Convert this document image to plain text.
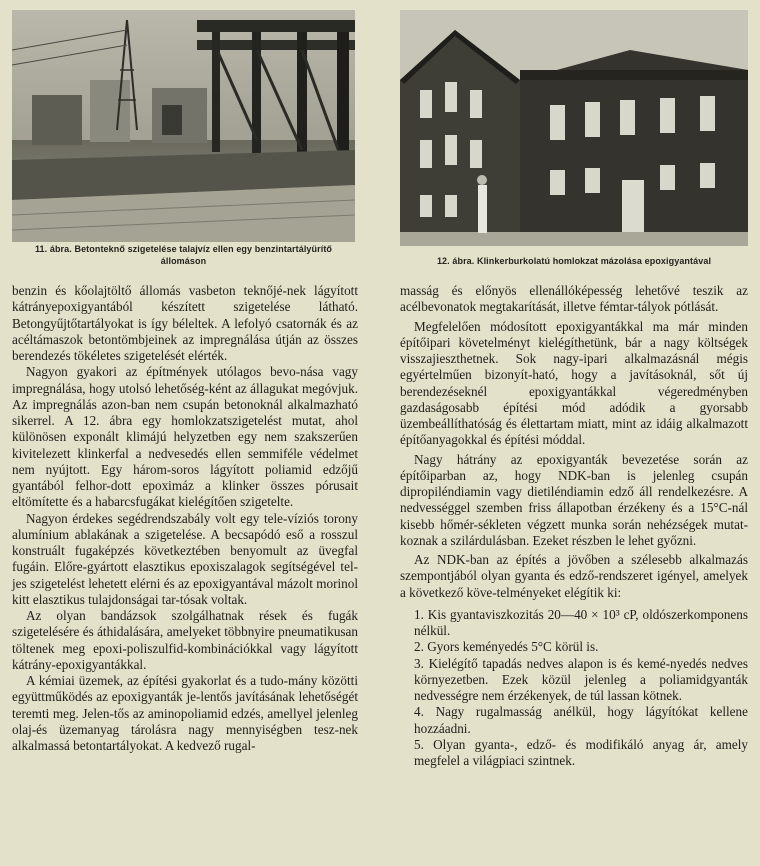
11. ábra. Betonteknő szigetelése talajvíz ellen egy benzintartályürítő állomáson	12. ábra. Klinkerburkolatú homlokzat mázolása epoxigyantával

benzin és kőolajtöltő állomás vasbeton teknőjé-nek lágyított kátrányepoxigyantából készített szigetelése látható. Betongyűjtőtartályokat is így béleltek. A lefolyó csatornák és az acéltámaszok betontömbjeinek az impregnálása útján az összes berendezés tökéletes szigetelését elérték.

Nagyon gyakori az építmények utólagos bevo-nása vagy impregnálása, hogy utolsó lehetőség-ként az állagukat megóvjuk. Az impregnálás azon-ban nem csupán betonoknál alkalmazható sikerrel. A 12. ábra egy homlokzatszigetelést mutat, ahol különösen exponált klimájú helyzetben egy nem szakszerűen kivitelezett klinkerfal a nedvesedés ellen semmiféle védelmet nem nyújtott. Egy három-soros lágyított poliamid edzőjű gyantából felhor-dott epoximáz a klinker összes pórusait eltömítette és a habarcsfugákat kielégítően szigetelte.

Nagyon érdekes segédrendszabály volt egy tele-víziós torony alumínium ablakának a szigetelése. A becsapódó eső a rosszul konstruált fugaképzés következtében benyomult az üvegfal fugáin. Előre-gyártott elasztikus epoxiszalagok segítségével tel-jes szigetelést lehetett elérni és az epoxigyantával mázolt morinol kitt elasztikus tulajdonságai tar-tósak voltak.

Az olyan bandázsok szolgálhatnak rések és fugák szigetelésére és áthidalására, amelyeket többnyire pneumatikusan töltenek meg epoxi-poliszulfid-kombinációkkal vagy lágyított kátrány-epoxigyantákkal.

A kémiai üzemek, az építési gyakorlat és a tudo-mány közötti együttműködés az epoxigyanták je-lentős javításának lehetőségét teremti meg. Jelen-tős az aminopoliamid edzés, amellyel jelenleg olaj-és üzemanyag tárolásra nagy mennyiségben tesz-nek alkalmassá betontartályokat. A kedvező rugal-

masság és előnyös ellenállóképesség lehetővé teszik az acélbevonatok megtakarítását, illetve fémtar-tályok pótlását.

Megfelelően módosított epoxigyantákkal ma már minden építőipari követelményt kielégíthetünk, bár a nagy költségek visszajieszthetnek. Sok nagy-ipari alkalmazásnál mégis egyértelműen bizonyít-ható, hogy a javításoknál, sőt új berendezéseknél epoxigyantákkal végeredményben gazdaságosabb építési mód adódik a gyorsabb üzembeállíthatóság és élettartam miatt, mint az idáig alkalmazott építőanyagokkal és építési móddal.

Nagy hátrány az epoxigyanták bevezetése során az építőiparban az, hogy NDK-ban is jelenleg csupán dipropiléndiamin vagy dietiléndiamin edző áll rendelkezésre. A nedvességgel szemben friss állapotban érzékeny és a 15°C-nál kisebb hőmér-sékleten végzett munka során nehézségek mutat-koznak a szilárdulásban. Ezeket részben le lehet győzni.

Az NDK-ban az építés a jövőben a szélesebb alkalmazás szempontjából olyan gyanta és edző-rendszeret igényel, amelyek a következő köve-telményeket elégítik ki:

1. Kis gyantaviszkozitás 20—40 × 10³ cP, oldószerkomponens nélkül.
2. Gyors keményedés 5°C körül is.
3. Kielégítő tapadás nedves alapon is és kemé-nyedés nedves környezetben. Ezek közül jelenleg a poliamidgyanták nedvességre nem érzékenyek, de túl lassan kötnek.
4. Nagy rugalmasság anélkül, hogy lágyítókat kellene hozzáadni.
5. Olyan gyanta-, edző- és modifikáló anyag ár, amely megfelel a világpiaci szintnek.
